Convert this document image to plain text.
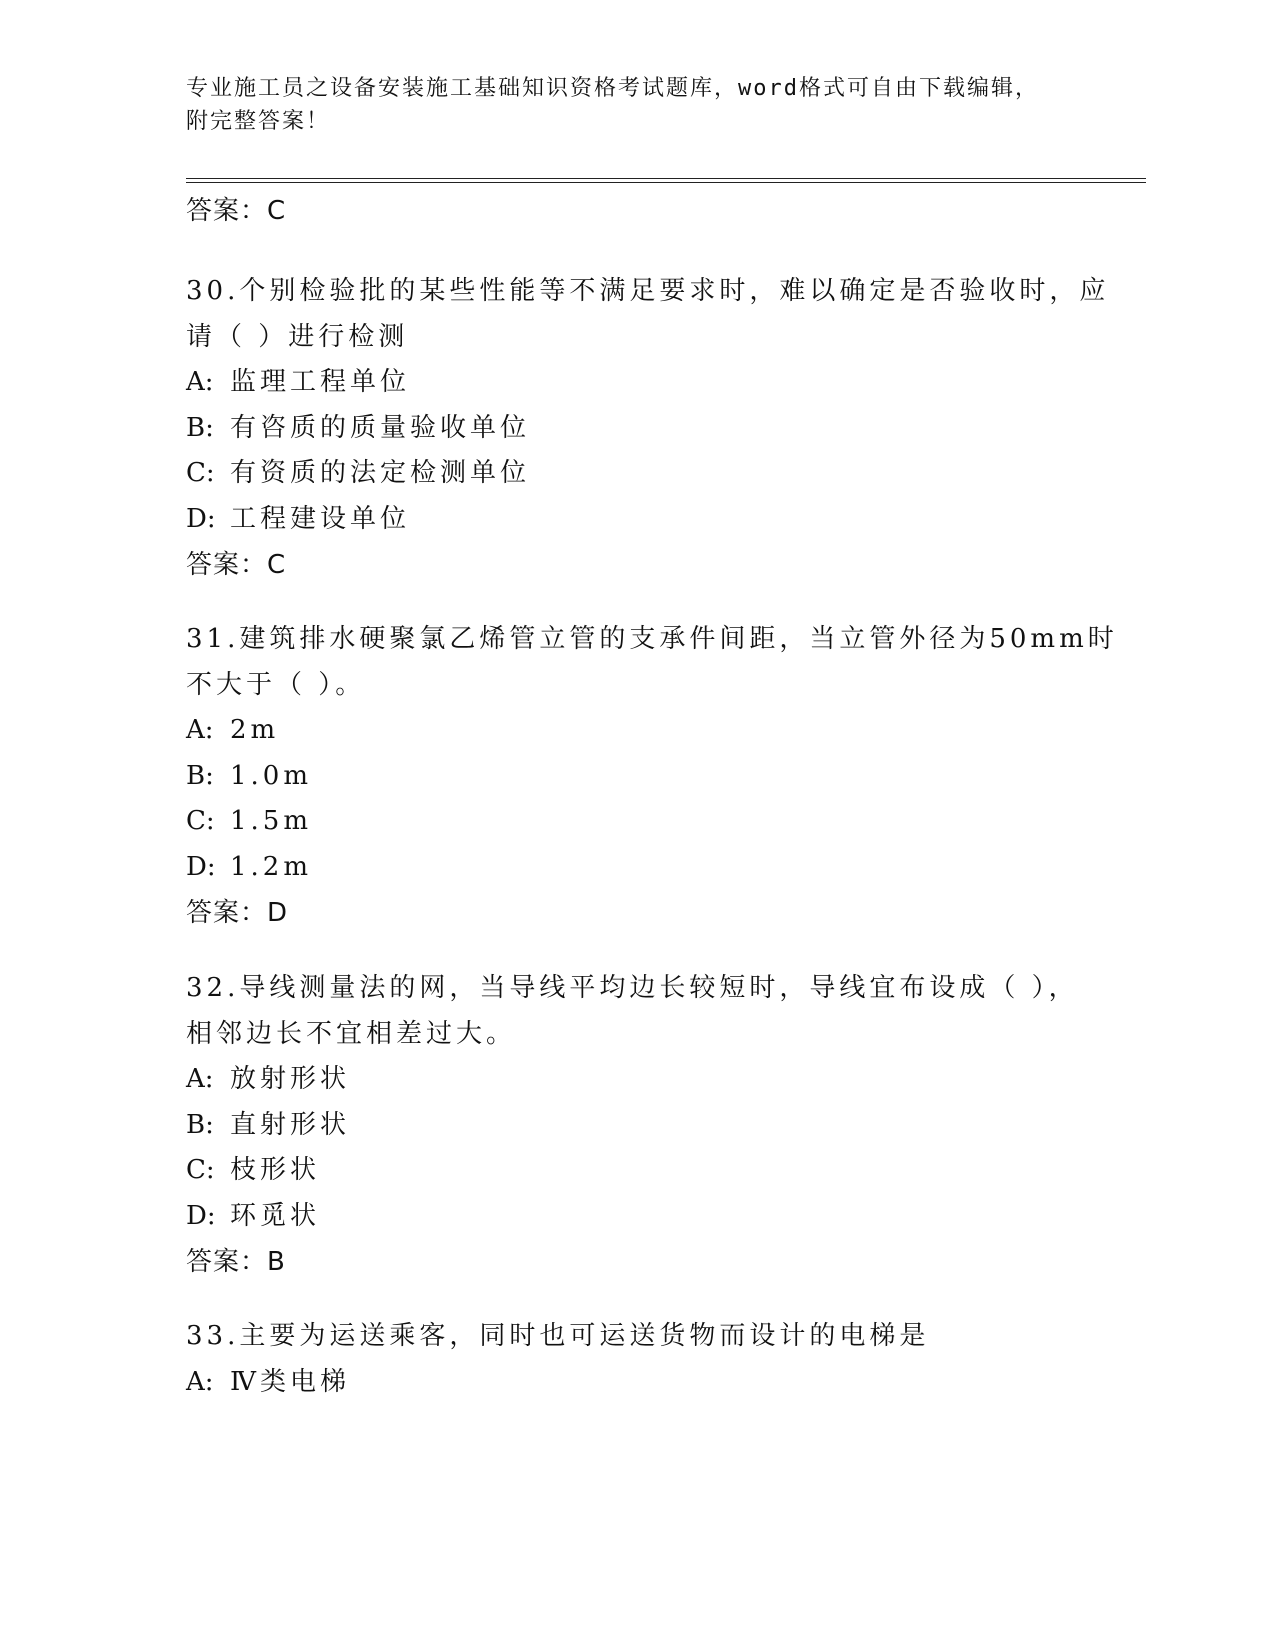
专业施工员之设备安装施工基础知识资格考试题库，word格式可自由下载编辑，
附完整答案！
答案：C
30.个别检验批的某些性能等不满足要求时，难以确定是否验收时，应
请（ ）进行检测
A: 监理工程单位
B: 有咨质的质量验收单位
C: 有资质的法定检测单位
D: 工程建设单位
答案：C
31.建筑排水硬聚氯乙烯管立管的支承件间距，当立管外径为50mm时
不大于（ ）。
A: 2m
B: 1.0m
C: 1.5m
D: 1.2m
答案：D
32.导线测量法的网，当导线平均边长较短时，导线宜布设成（ ），
相邻边长不宜相差过大。
A: 放射形状
B: 直射形状
C: 枝形状
D: 环觅状
答案：B
33.主要为运送乘客，同时也可运送货物而设计的电梯是
A: Ⅳ类电梯
